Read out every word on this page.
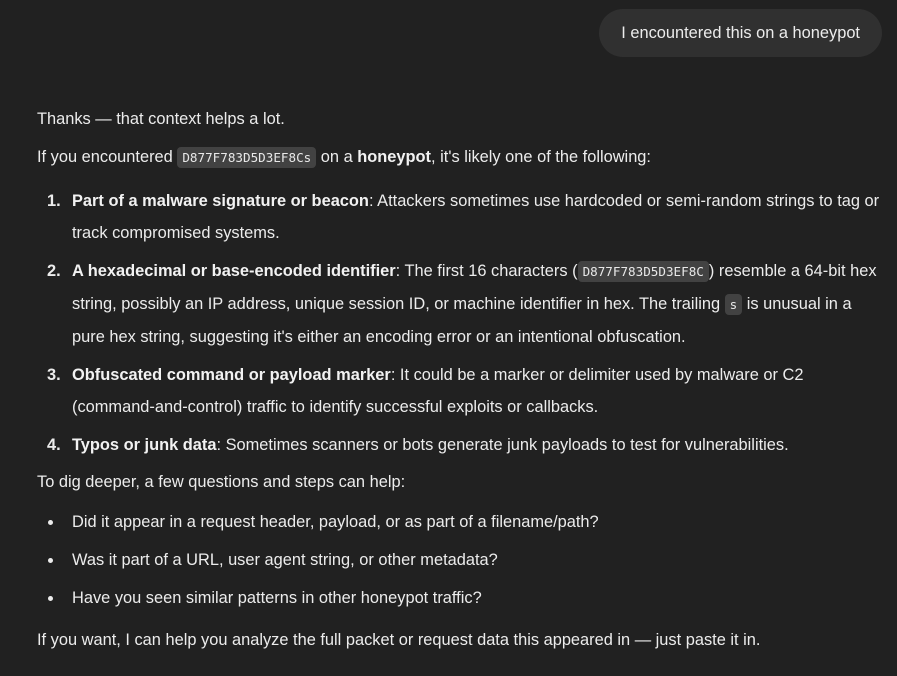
I encountered this on a honeypot

Thanks — that context helps a lot.

If you encountered D877F783D5D3EF8Cs on a honeypot, it's likely one of the following:

1. Part of a malware signature or beacon: Attackers sometimes use hardcoded or semi-random strings to tag or track compromised systems.
2. A hexadecimal or base-encoded identifier: The first 16 characters ( D877F783D5D3EF8C ) resemble a 64-bit hex string, possibly an IP address, unique session ID, or machine identifier in hex. The trailing s is unusual in a pure hex string, suggesting it's either an encoding error or an intentional obfuscation.
3. Obfuscated command or payload marker: It could be a marker or delimiter used by malware or C2 (command-and-control) traffic to identify successful exploits or callbacks.
4. Typos or junk data: Sometimes scanners or bots generate junk payloads to test for vulnerabilities.

To dig deeper, a few questions and steps can help:

Did it appear in a request header, payload, or as part of a filename/path?
Was it part of a URL, user agent string, or other metadata?
Have you seen similar patterns in other honeypot traffic?

If you want, I can help you analyze the full packet or request data this appeared in — just paste it in.
